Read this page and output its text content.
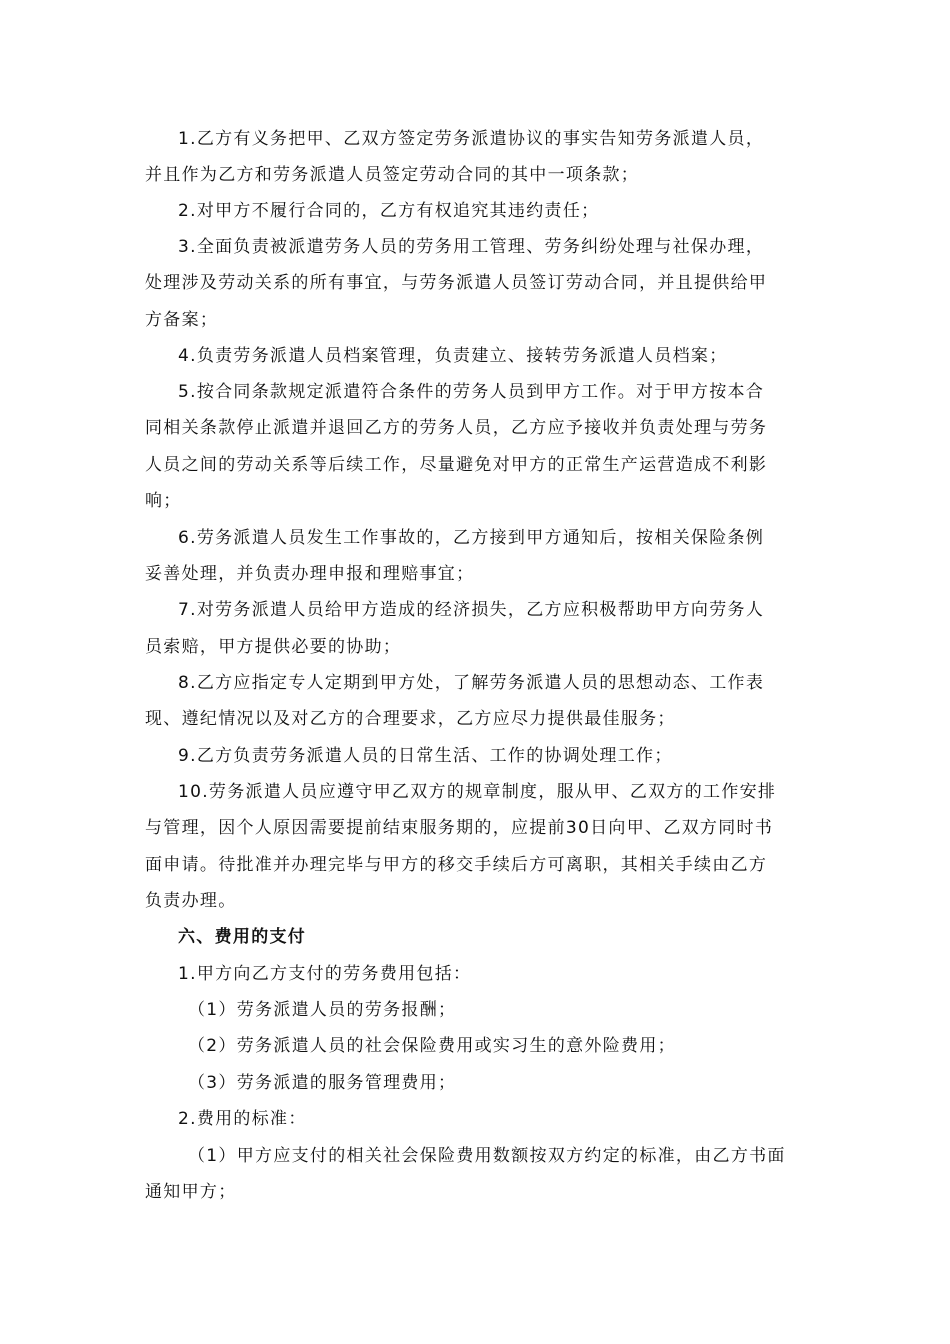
1.乙方有义务把甲、乙双方签定劳务派遣协议的事实告知劳务派遣人员，
并且作为乙方和劳务派遣人员签定劳动合同的其中一项条款；
2.对甲方不履行合同的，乙方有权追究其违约责任；
3.全面负责被派遣劳务人员的劳务用工管理、劳务纠纷处理与社保办理，
处理涉及劳动关系的所有事宜，与劳务派遣人员签订劳动合同，并且提供给甲
方备案；
4.负责劳务派遣人员档案管理，负责建立、接转劳务派遣人员档案；
5.按合同条款规定派遣符合条件的劳务人员到甲方工作。对于甲方按本合
同相关条款停止派遣并退回乙方的劳务人员，乙方应予接收并负责处理与劳务
人员之间的劳动关系等后续工作，尽量避免对甲方的正常生产运营造成不利影
响；
6.劳务派遣人员发生工作事故的，乙方接到甲方通知后，按相关保险条例
妥善处理，并负责办理申报和理赔事宜；
7.对劳务派遣人员给甲方造成的经济损失，乙方应积极帮助甲方向劳务人
员索赔，甲方提供必要的协助；
8.乙方应指定专人定期到甲方处，了解劳务派遣人员的思想动态、工作表
现、遵纪情况以及对乙方的合理要求，乙方应尽力提供最佳服务；
9.乙方负责劳务派遣人员的日常生活、工作的协调处理工作；
10.劳务派遣人员应遵守甲乙双方的规章制度，服从甲、乙双方的工作安排
与管理，因个人原因需要提前结束服务期的，应提前30日向甲、乙双方同时书
面申请。待批准并办理完毕与甲方的移交手续后方可离职，其相关手续由乙方
负责办理。
六、费用的支付
1.甲方向乙方支付的劳务费用包括：
（1）劳务派遣人员的劳务报酬；
（2）劳务派遣人员的社会保险费用或实习生的意外险费用；
（3）劳务派遣的服务管理费用；
2.费用的标准：
（1）甲方应支付的相关社会保险费用数额按双方约定的标准，由乙方书面
通知甲方；
